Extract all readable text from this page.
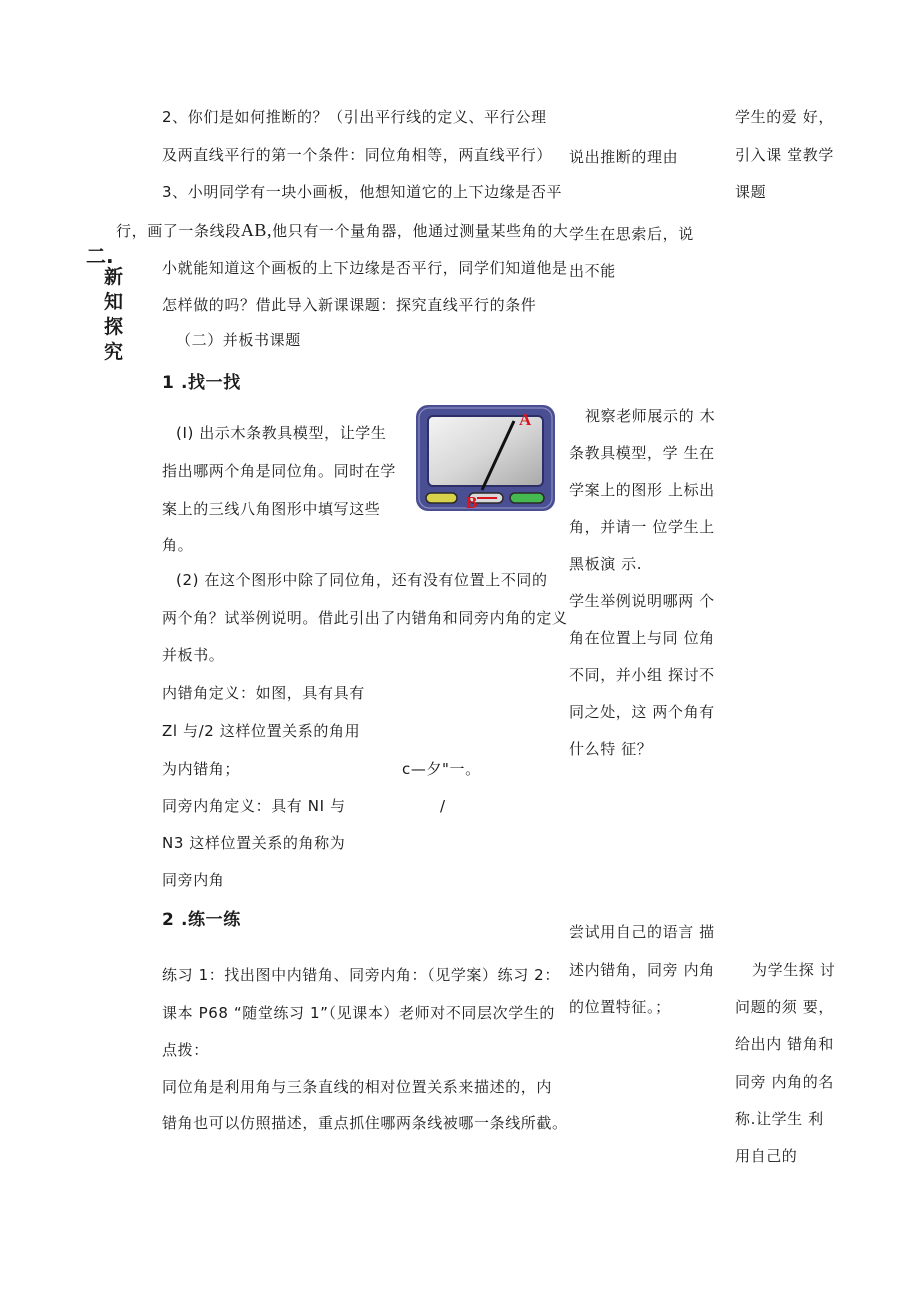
二.
新
知
探
究
2、你们是如何推断的？（引出平行线的定义、平行公理
及两直线平行的第一个条件：同位角相等，两直线平行）
3、小明同学有一块小画板，他想知道它的上下边缘是否平
行，画了一条线段AB,他只有一个量角器，他通过测量某些角的大
小就能知道这个画板的上下边缘是否平行，同学们知道他是
怎样做的吗？借此导入新课课题：探究直线平行的条件
（二）并板书课题
1 .找一找
(I) 出示木条教具模型，让学生
指出哪两个角是同位角。同时在学
案上的三线八角图形中填写这些
角。
A
B
(2) 在这个图形中除了同位角，还有没有位置上不同的
两个角？试举例说明。借此引出了内错角和同旁内角的定义
并板书。
内错角定义：如图，具有具有
Zl 与/2 这样位置关系的角用
为内错角；	c—夕"一。
同旁内角定义：具有 NI 与	/
N3 这样位置关系的角称为
同旁内角
2 .练一练
练习 1：找出图中内错角、同旁内角：（见学案）练习 2：
课本 P68 “随堂练习 1”（见课本）老师对不同层次学生的
点拨：
同位角是利用角与三条直线的相对位置关系来描述的，内
错角也可以仿照描述，重点抓住哪两条线被哪一条线所截。
说出推断的理由
学生在思索后，说
出不能
视察老师展示的 木
条教具模型，学 生在
学案上的图形 上标出
角，并请一 位学生上
黑板演 示.
学生举例说明哪两 个
角在位置上与同 位角
不同，并小组 探讨不
同之处，这 两个角有
什么特 征？
尝试用自己的语言 描
述内错角，同旁 内角
的位置特征。；
学生的爱 好，
引入课 堂教学
课题
为学生探 讨
问题的须 要，
给出内 错角和
同旁 内角的名
称.让学生 利
用自己的
